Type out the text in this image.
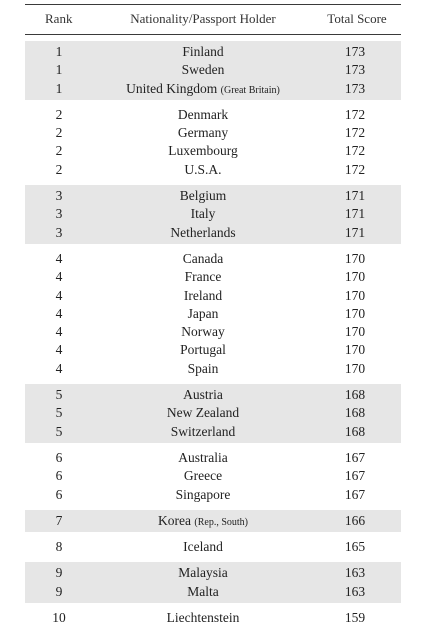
Rank	Nationality/Passport Holder	Total Score
1	Finland	173
1	Sweden	173
1	United Kingdom (Great Britain)	173
2	Denmark	172
2	Germany	172
2	Luxembourg	172
2	U.S.A.	172
3	Belgium	171
3	Italy	171
3	Netherlands	171
4	Canada	170
4	France	170
4	Ireland	170
4	Japan	170
4	Norway	170
4	Portugal	170
4	Spain	170
5	Austria	168
5	New Zealand	168
5	Switzerland	168
6	Australia	167
6	Greece	167
6	Singapore	167
7	Korea (Rep., South)	166
8	Iceland	165
9	Malaysia	163
9	Malta	163
10	Liechtenstein	159
